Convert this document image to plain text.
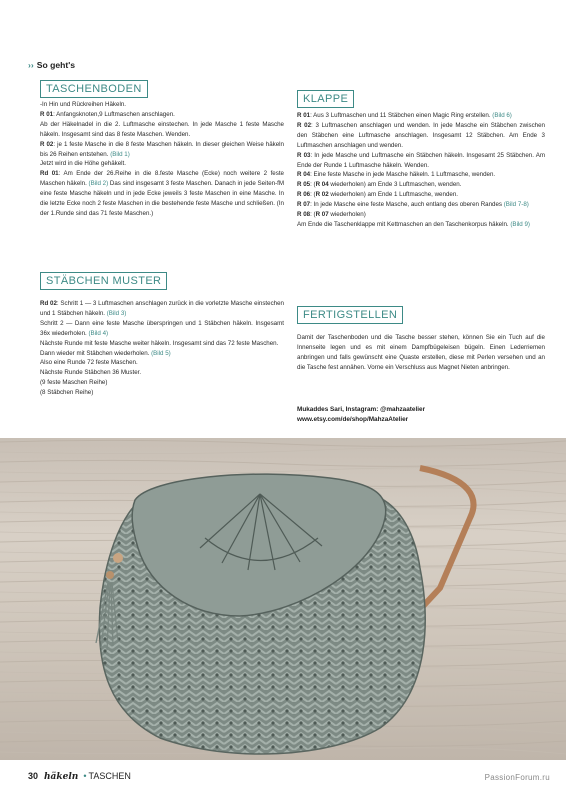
›› So geht's
TASCHENBODEN
-In Hin und Rückreihen Häkeln.
R 01: Anfangsknoten,9 Luftmaschen anschlagen.
Ab der Häkelnadel in die 2. Luftmasche einstechen. In jede Masche 1 feste Masche häkeln. Insgesamt sind das 8 feste Maschen. Wenden.
R 02: je 1 feste Masche in die 8 feste Maschen häkeln. In dieser gleichen Weise häkeln bis 26 Reihen entstehen. (Bild 1)
Jetzt wird in die Höhe gehäkelt.
Rd 01: Am Ende der 26.Reihe in die 8.feste Masche (Ecke) noch weitere 2 feste Maschen häkeln. (Bild 2) Das sind insgesamt 3 feste Maschen. Danach in jede Seiten-fM eine feste Masche häkeln und in jede Ecke jeweils 3 feste Maschen in eine Masche. In die letzte Ecke noch 2 feste Maschen in die bestehende feste Masche und schließen. (In der 1.Runde sind das 71 feste Maschen.)
STÄBCHEN MUSTER
Rd 02: Schritt 1 — 3 Luftmaschen anschlagen zurück in die vorletzte Masche einstechen und 1 Stäbchen häkeln. (Bild 3)
Schritt 2 — Dann eine feste Masche überspringen und 1 Stäbchen häkeln. Insgesamt 36x wiederholen. (Bild 4)
Nächste Runde mit feste Masche weiter häkeln. Insgesamt sind das 72 feste Maschen.
Dann wieder mit Stäbchen wiederholen. (Bild 5)
Also eine Runde 72 feste Maschen.
Nächste Runde Stäbchen 36 Muster.
(9 feste Maschen Reihe)
(8 Stäbchen Reihe)
KLAPPE
R 01: Aus 3 Luftmaschen und 11 Stäbchen einen Magic Ring erstellen. (Bild 6)
R 02: 3 Luftmaschen anschlagen und wenden. In jede Masche ein Stäbchen zwischen den Stäbchen eine Luftmasche anschlagen. Insgesamt 12 Stäbchen. Am Ende 3 Luftmaschen anschlagen und wenden.
R 03: In jede Masche und Luftmasche ein Stäbchen häkeln. Insgesamt 25 Stäbchen. Am Ende der Runde 1 Luftmasche häkeln. Wenden.
R 04: Eine feste Masche in jede Masche häkeln. 1 Luftmasche, wenden.
R 05: (R 04 wiederholen) am Ende 3 Luftmaschen, wenden.
R 06: (R 02 wiederholen) am Ende 1 Luftmasche, wenden.
R 07: In jede Masche eine feste Masche, auch entlang des oberen Randes (Bild 7-8)
R 08: (R 07 wiederholen)
Am Ende die Taschenklappe mit Kettmaschen an den Taschenkorpus häkeln. (Bild 9)
FERTIGSTELLEN
Damit der Taschenboden und die Tasche besser stehen, können Sie ein Tuch auf die Innenseite legen und es mit einem Dampfbügeleisen bügeln. Einen Lederriemen anbringen und falls gewünscht eine Quaste erstellen, diese mit Perlen versehen und an die Tasche fest annähen. Vorne ein Verschluss aus Magnet Nieten anbringen.
Mukaddes Sari, Instagram: @mahzaatelier
www.etsy.com/de/shop/MahzaAtelier
30 häkeln • TASCHEN	PassionForum.ru
